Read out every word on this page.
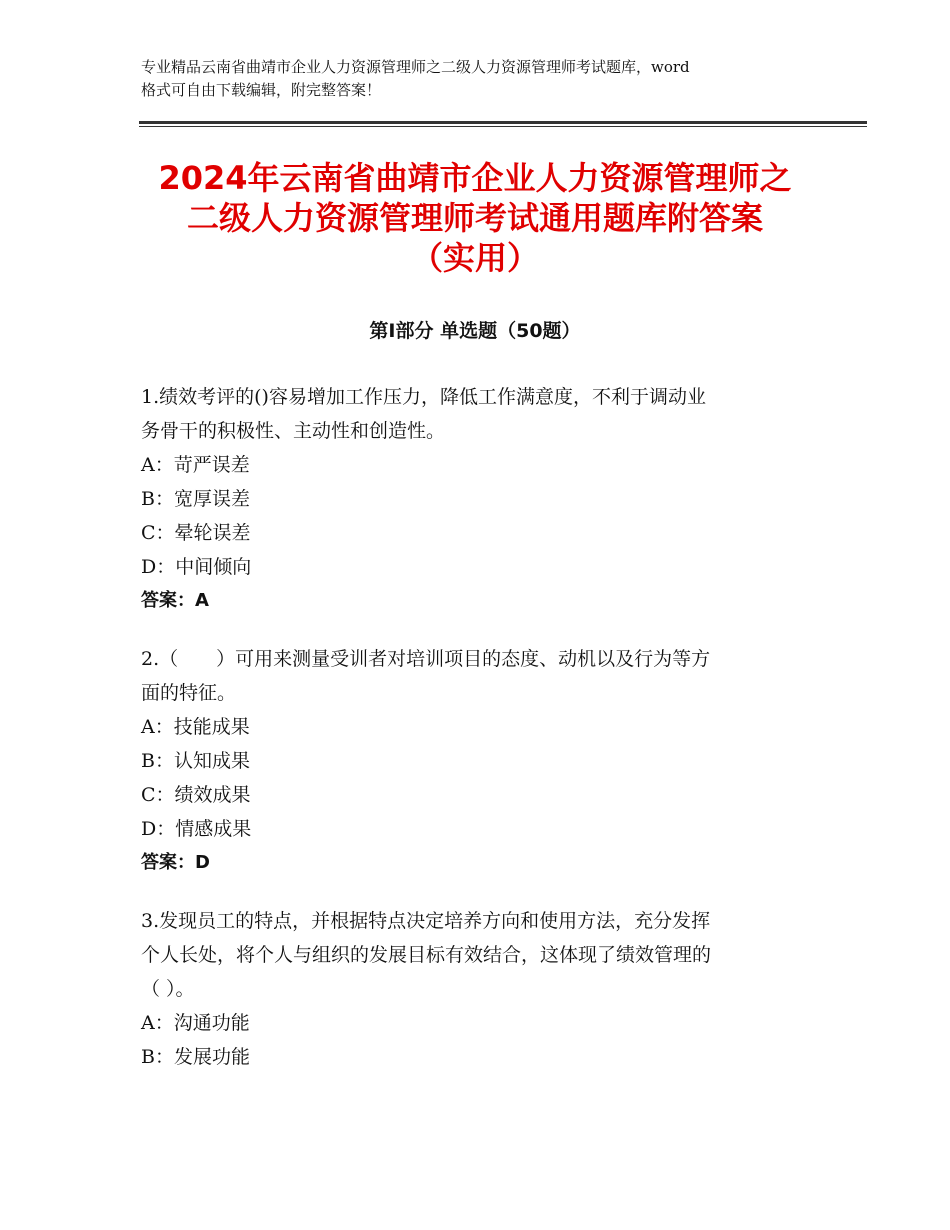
专业精品云南省曲靖市企业人力资源管理师之二级人力资源管理师考试题库，word
格式可自由下载编辑，附完整答案！
2024年云南省曲靖市企业人力资源管理师之
二级人力资源管理师考试通用题库附答案
（实用）
第Ⅰ部分 单选题（50题）
1.绩效考评的()容易增加工作压力，降低工作满意度，不利于调动业
务骨干的积极性、主动性和创造性。
A：苛严误差
B：宽厚误差
C：晕轮误差
D：中间倾向
答案：A
2.（　　）可用来测量受训者对培训项目的态度、动机以及行为等方
面的特征。
A：技能成果
B：认知成果
C：绩效成果
D：情感成果
答案：D
3.发现员工的特点，并根据特点决定培养方向和使用方法，充分发挥
个人长处，将个人与组织的发展目标有效结合，这体现了绩效管理的
（ ）。
A：沟通功能
B：发展功能
